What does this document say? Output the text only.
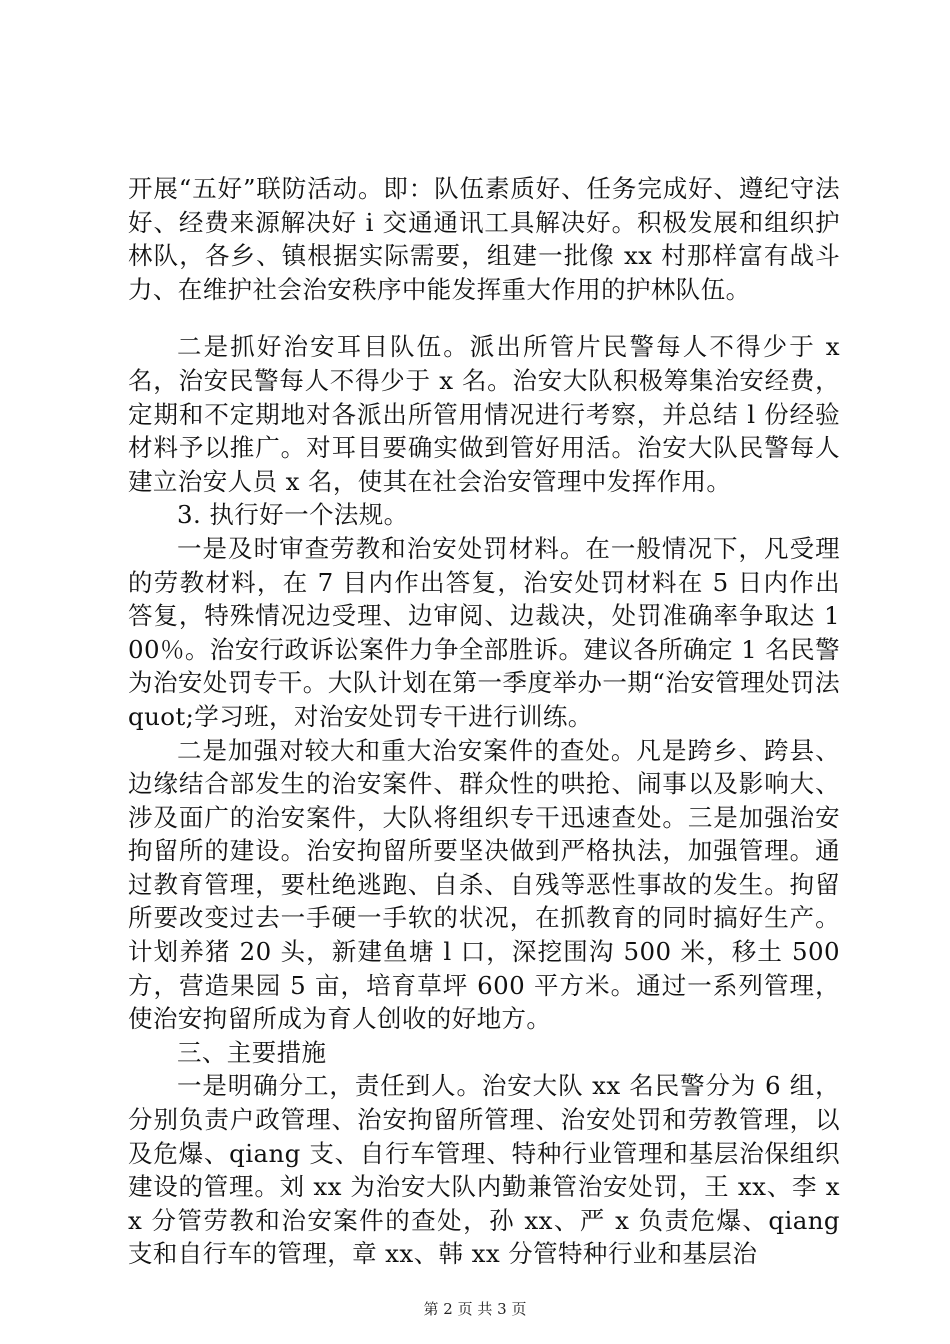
开展“五好”联防活动。即：队伍素质好、任务完成好、遵纪守法好、经费来源解决好 i 交通通讯工具解决好。积极发展和组织护林队，各乡、镇根据实际需要，组建一批像 xx 村那样富有战斗力、在维护社会治安秩序中能发挥重大作用的护林队伍。

二是抓好治安耳目队伍。派出所管片民警每人不得少于 x 名，治安民警每人不得少于 x 名。治安大队积极筹集治安经费，定期和不定期地对各派出所管用情况进行考察，并总结 l 份经验材料予以推广。对耳目要确实做到管好用活。治安大队民警每人建立治安人员 x 名，使其在社会治安管理中发挥作用。

3. 执行好一个法规。

一是及时审查劳教和治安处罚材料。在一般情况下，凡受理的劳教材料，在 7 目内作出答复，治安处罚材料在 5 日内作出答复，特殊情况边受理、边审阅、边裁决，处罚准确率争取达 100％。治安行政诉讼案件力争全部胜诉。建议各所确定 1 名民警为治安处罚专干。大队计划在第一季度举办一期“治安管理处罚法 quot;学习班，对治安处罚专干进行训练。

二是加强对较大和重大治安案件的查处。凡是跨乡、跨县、边缘结合部发生的治安案件、群众性的哄抢、闹事以及影响大、涉及面广的治安案件，大队将组织专干迅速查处。三是加强治安拘留所的建设。治安拘留所要坚决做到严格执法，加强管理。通过教育管理，要杜绝逃跑、自杀、自残等恶性事故的发生。拘留所要改变过去一手硬一手软的状况，在抓教育的同时搞好生产。计划养猪 20 头，新建鱼塘 l 口，深挖围沟 500 米，移土 500 方，营造果园 5 亩，培育草坪 600 平方米。通过一系列管理，使治安拘留所成为育人创收的好地方。

三、主要措施

一是明确分工，责任到人。治安大队 xx 名民警分为 6 组，分别负责户政管理、治安拘留所管理、治安处罚和劳教管理，以及危爆、qiang 支、自行车管理、特种行业管理和基层治保组织建设的管理。刘 xx 为治安大队内勤兼管治安处罚，王 xx、李 xx 分管劳教和治安案件的查处，孙 xx、严 x 负责危爆、qiang 支和自行车的管理，章 xx、韩 xx 分管特种行业和基层治

第 2 页 共 3 页
